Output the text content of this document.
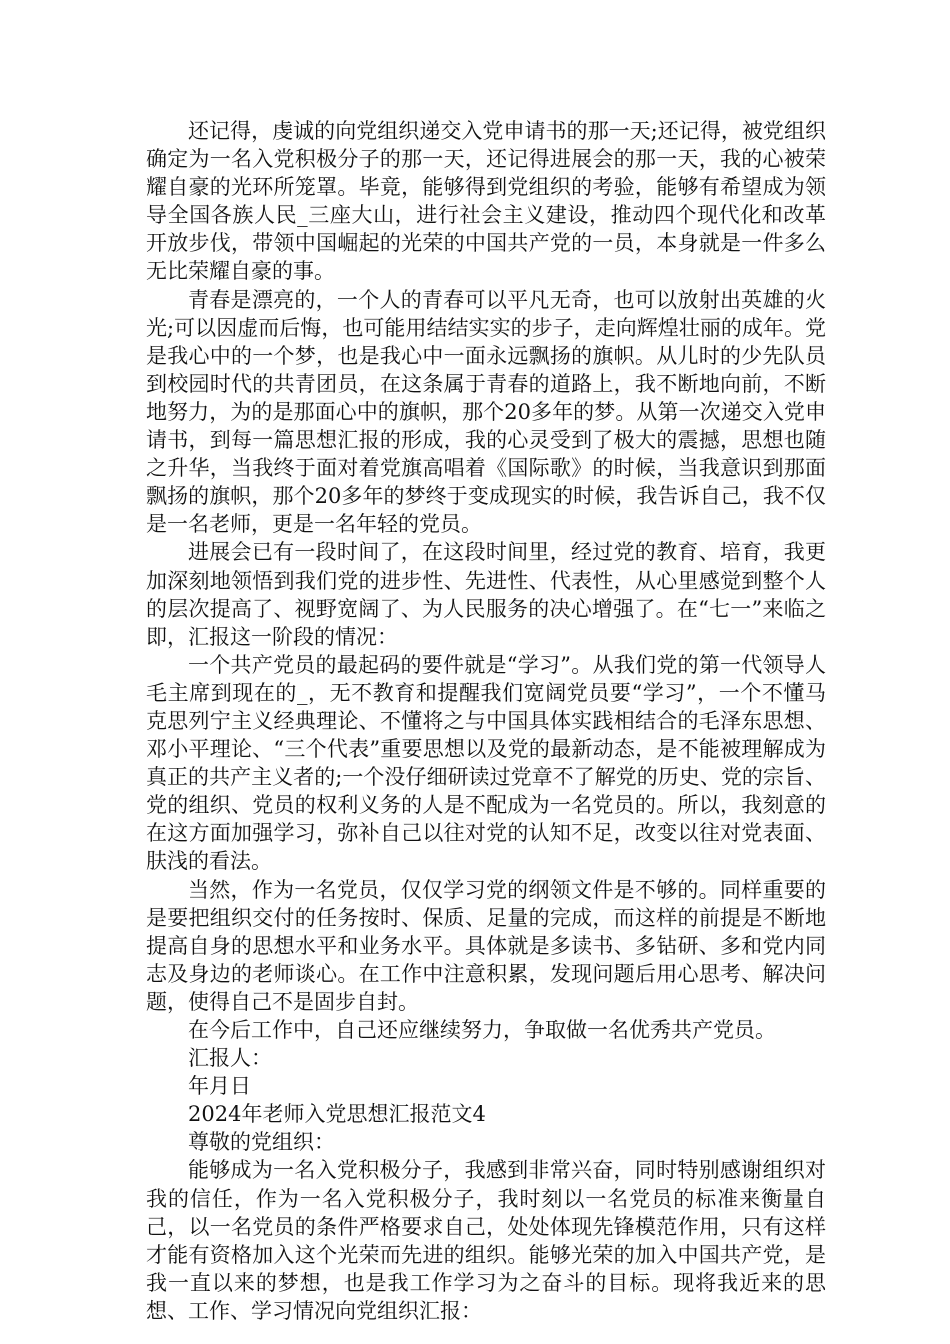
还记得，虔诚的向党组织递交入党申请书的那一天;还记得，被党组织确定为一名入党积极分子的那一天，还记得进展会的那一天，我的心被荣耀自豪的光环所笼罩。毕竟，能够得到党组织的考验，能够有希望成为领导全国各族人民_三座大山，进行社会主义建设，推动四个现代化和改革开放步伐，带领中国崛起的光荣的中国共产党的一员，本身就是一件多么无比荣耀自豪的事。

青春是漂亮的，一个人的青春可以平凡无奇，也可以放射出英雄的火光;可以因虚而后悔，也可能用结结实实的步子，走向辉煌壮丽的成年。党是我心中的一个梦，也是我心中一面永远飘扬的旗帜。从儿时的少先队员到校园时代的共青团员，在这条属于青春的道路上，我不断地向前，不断地努力，为的是那面心中的旗帜，那个20多年的梦。从第一次递交入党申请书，到每一篇思想汇报的形成，我的心灵受到了极大的震撼，思想也随之升华，当我终于面对着党旗高唱着《国际歌》的时候，当我意识到那面飘扬的旗帜，那个20多年的梦终于变成现实的时候，我告诉自己，我不仅是一名老师，更是一名年轻的党员。

进展会已有一段时间了，在这段时间里，经过党的教育、培育，我更加深刻地领悟到我们党的进步性、先进性、代表性，从心里感觉到整个人的层次提高了、视野宽阔了、为人民服务的决心增强了。在“七一”来临之即，汇报这一阶段的情况：

一个共产党员的最起码的要件就是“学习”。从我们党的第一代领导人毛主席到现在的_，无不教育和提醒我们宽阔党员要“学习”，一个不懂马克思列宁主义经典理论、不懂将之与中国具体实践相结合的毛泽东思想、邓小平理论、“三个代表”重要思想以及党的最新动态，是不能被理解成为真正的共产主义者的;一个没仔细研读过党章不了解党的历史、党的宗旨、党的组织、党员的权利义务的人是不配成为一名党员的。所以，我刻意的在这方面加强学习，弥补自己以往对党的认知不足，改变以往对党表面、肤浅的看法。

当然，作为一名党员，仅仅学习党的纲领文件是不够的。同样重要的是要把组织交付的任务按时、保质、足量的完成，而这样的前提是不断地提高自身的思想水平和业务水平。具体就是多读书、多钻研、多和党内同志及身边的老师谈心。在工作中注意积累，发现问题后用心思考、解决问题，使得自己不是固步自封。

在今后工作中，自己还应继续努力，争取做一名优秀共产党员。

汇报人：

年月日

2024年老师入党思想汇报范文4

尊敬的党组织：

能够成为一名入党积极分子，我感到非常兴奋，同时特别感谢组织对我的信任，作为一名入党积极分子，我时刻以一名党员的标准来衡量自己，以一名党员的条件严格要求自己，处处体现先锋模范作用，只有这样才能有资格加入这个光荣而先进的组织。能够光荣的加入中国共产党，是我一直以来的梦想，也是我工作学习为之奋斗的目标。现将我近来的思想、工作、学习情况向党组织汇报：
